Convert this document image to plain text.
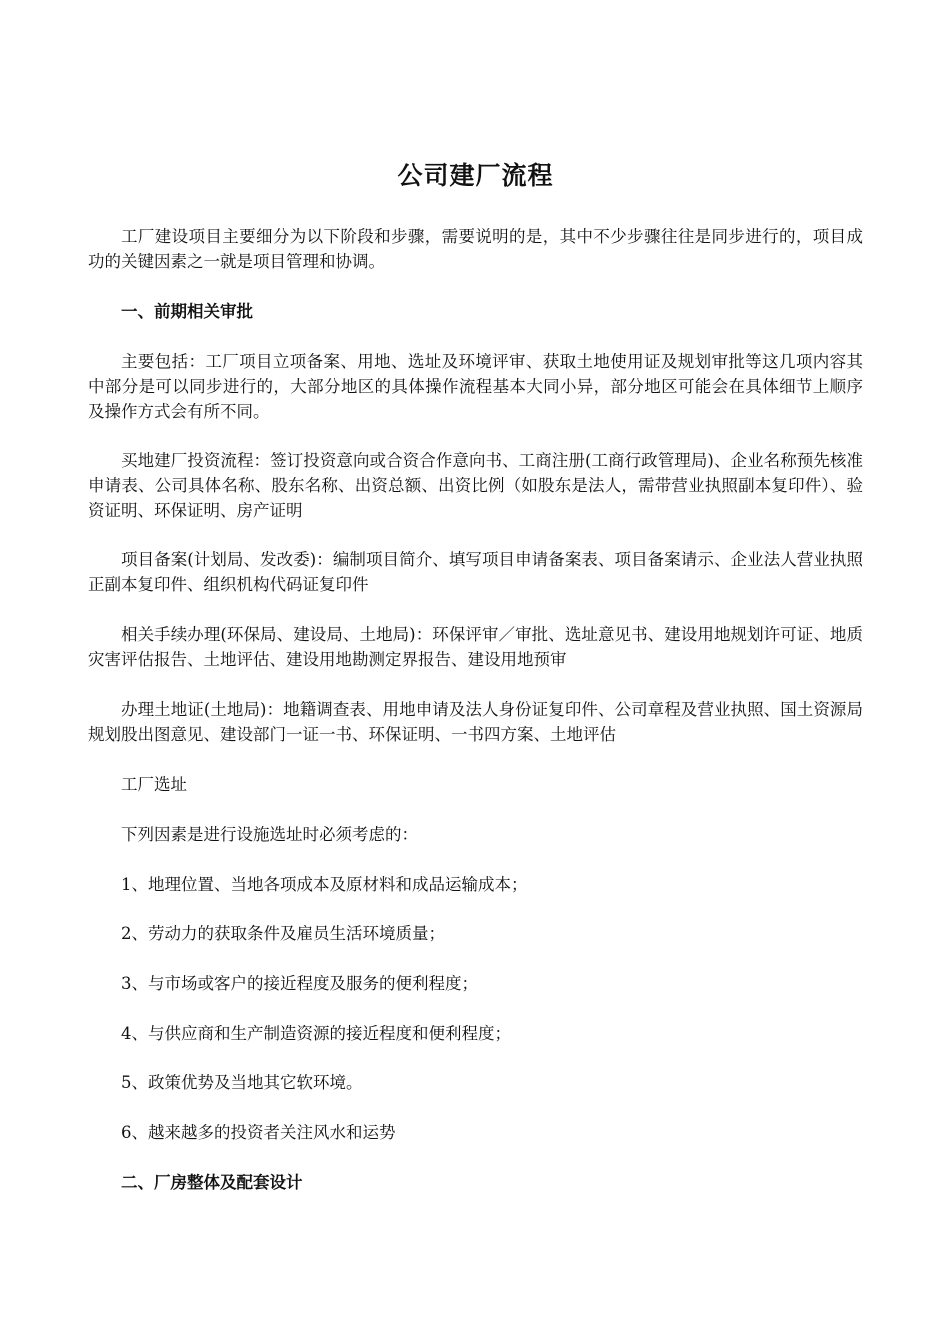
公司建厂流程

工厂建设项目主要细分为以下阶段和步骤，需要说明的是，其中不少步骤往往是同步进行的，项目成功的关键因素之一就是项目管理和协调。

一、前期相关审批

主要包括：工厂项目立项备案、用地、选址及环境评审、获取土地使用证及规划审批等这几项内容其中部分是可以同步进行的，大部分地区的具体操作流程基本大同小异，部分地区可能会在具体细节上顺序及操作方式会有所不同。

买地建厂投资流程：签订投资意向或合资合作意向书、工商注册(工商行政管理局)、企业名称预先核准申请表、公司具体名称、股东名称、出资总额、出资比例（如股东是法人，需带营业执照副本复印件）、验资证明、环保证明、房产证明

项目备案(计划局、发改委)：编制项目简介、填写项目申请备案表、项目备案请示、企业法人营业执照正副本复印件、组织机构代码证复印件

相关手续办理(环保局、建设局、土地局)：环保评审／审批、选址意见书、建设用地规划许可证、地质灾害评估报告、土地评估、建设用地勘测定界报告、建设用地预审

办理土地证(土地局)：地籍调查表、用地申请及法人身份证复印件、公司章程及营业执照、国土资源局规划股出图意见、建设部门一证一书、环保证明、一书四方案、土地评估

工厂选址

下列因素是进行设施选址时必须考虑的：

1、地理位置、当地各项成本及原材料和成品运输成本；

2、劳动力的获取条件及雇员生活环境质量；

3、与市场或客户的接近程度及服务的便利程度；

4、与供应商和生产制造资源的接近程度和便利程度；

5、政策优势及当地其它软环境。

6、越来越多的投资者关注风水和运势

二、厂房整体及配套设计
